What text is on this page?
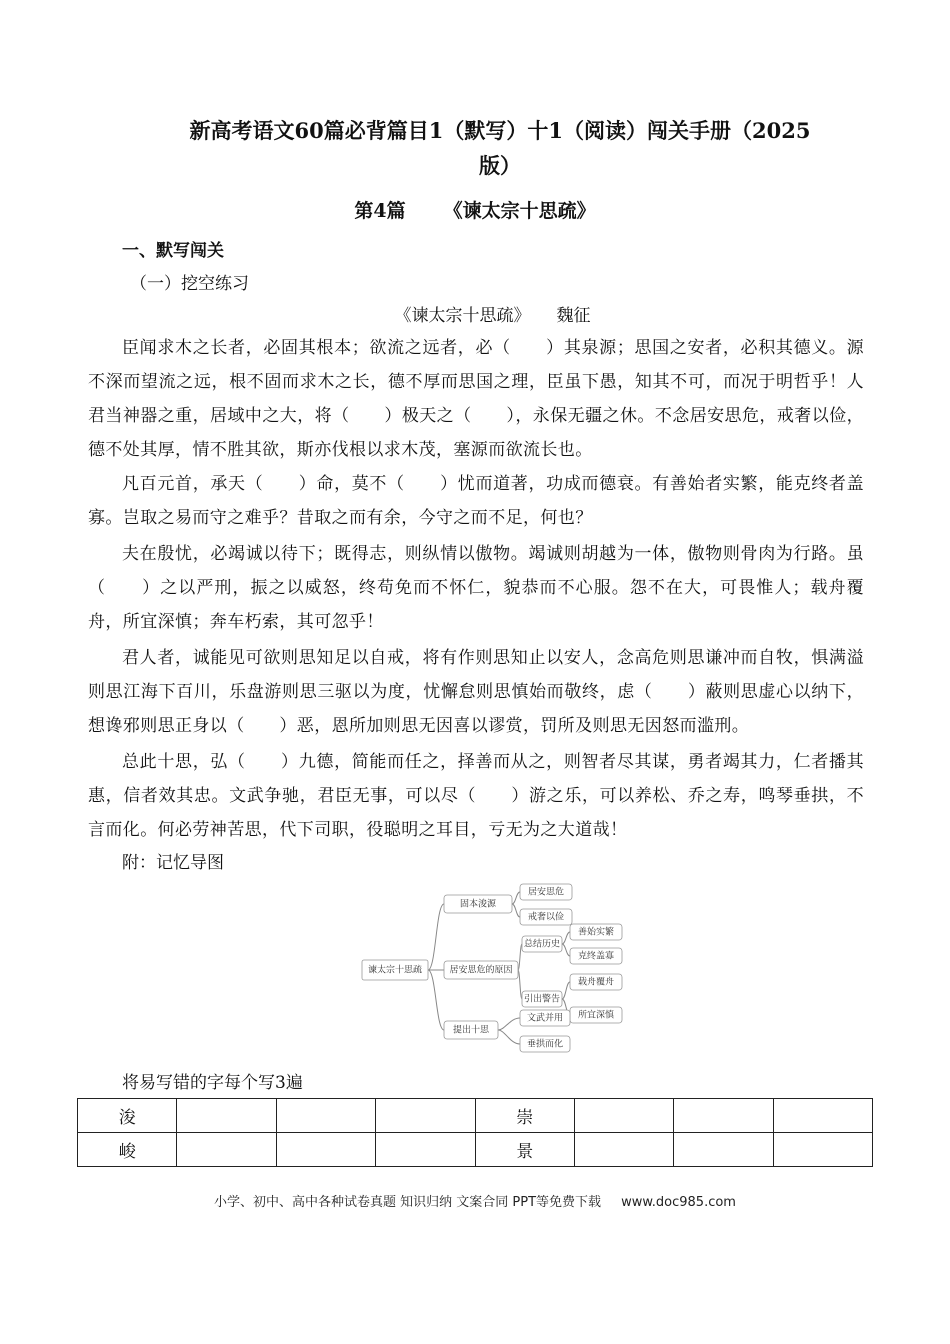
新高考语文60篇必背篇目1（默写）十1（阅读）闯关手册（2025
版）
第4篇 《谏太宗十思疏》
一、默写闯关
（一）挖空练习
《谏太宗十思疏》 魏征
臣闻求木之长者，必固其根本；欲流之远者，必（　　）其泉源；思国之安者，必积其德义。源不深而望流之远，根不固而求木之长，德不厚而思国之理，臣虽下愚，知其不可，而况于明哲乎！人君当神器之重，居域中之大，将（　　）极天之（　　），永保无疆之休。不念居安思危，戒奢以俭，德不处其厚，情不胜其欲，斯亦伐根以求木茂，塞源而欲流长也。
凡百元首，承天（　　）命，莫不（　　）忧而道著，功成而德衰。有善始者实繁，能克终者盖寡。岂取之易而守之难乎？昔取之而有余，今守之而不足，何也？
夫在殷忧，必竭诚以待下；既得志，则纵情以傲物。竭诚则胡越为一体，傲物则骨肉为行路。虽（　　）之以严刑，振之以威怒，终苟免而不怀仁，貌恭而不心服。怨不在大，可畏惟人；载舟覆舟，所宜深慎；奔车朽索，其可忽乎！
君人者，诚能见可欲则思知足以自戒，将有作则思知止以安人，念高危则思谦冲而自牧，惧满溢则思江海下百川，乐盘游则思三驱以为度，忧懈怠则思慎始而敬终，虑（　　）蔽则思虚心以纳下，想谗邪则思正身以（　　）恶，恩所加则思无因喜以谬赏，罚所及则思无因怒而滥刑。
总此十思，弘（　　）九德，简能而任之，择善而从之，则智者尽其谋，勇者竭其力，仁者播其惠，信者效其忠。文武争驰，君臣无事，可以尽（　　）游之乐，可以养松、乔之寿，鸣琴垂拱，不言而化。何必劳神苦思，代下司职，役聪明之耳目，亏无为之大道哉！
附：记忆导图
谏太宗十思疏
固本浚源
居安思危的原因
提出十思
居安思危
戒奢以俭
总结历史
引出警告
善始实繁
克终盖寡
载舟覆舟
所宜深慎
文武并用
垂拱而化
将易写错的字每个写3遍
浚				崇			
峻				景			
小学、初中、高中各种试卷真题 知识归纳 文案合同 PPT等免费下载 www.doc985.com
